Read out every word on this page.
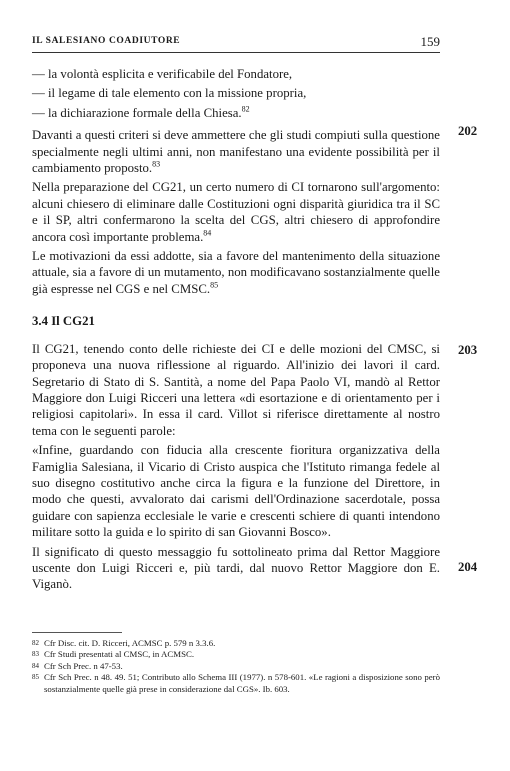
IL SALESIANO COADIUTORE	159
202
203
204

— la volontà esplicita e verificabile del Fondatore,

— il legame di tale elemento con la missione propria,

— la dichiarazione formale della Chiesa.$^{82}$

Davanti a questi criteri si deve ammettere che gli studi compiuti sulla questione specialmente negli ultimi anni, non manifestano una evidente possibilità per il cambiamento proposto.$^{83}$

Nella preparazione del CG21, un certo numero di CI tornarono sull'argomento: alcuni chiesero di eliminare dalle Costituzioni ogni disparità giuridica tra il SC e il SP, altri confermarono la scelta del CGS, altri chiesero di approfondire ancora così importante problema.$^{84}$

Le motivazioni da essi addotte, sia a favore del mantenimento della situazione attuale, sia a favore di un mutamento, non modificavano sostanzialmente quelle già espresse nel CGS e nel CMSC.$^{85}$

3.4 Il CG21

Il CG21, tenendo conto delle richieste dei CI e delle mozioni del CMSC, si proponeva una nuova riflessione al riguardo. All'inizio dei lavori il card. Segretario di Stato di S. Santità, a nome del Papa Paolo VI, mandò al Rettor Maggiore don Luigi Ricceri una lettera «di esortazione e di orientamento per i religiosi capitolari». In essa il card. Villot si riferisce direttamente al nostro tema con le seguenti parole:

«Infine, guardando con fiducia alla crescente fioritura organizzativa della Famiglia Salesiana, il Vicario di Cristo auspica che l'Istituto rimanga fedele al suo disegno costitutivo anche circa la figura e la funzione del Direttore, in modo che questi, avvalorato dai carismi dell'Ordinazione sacerdotale, possa guidare con sapienza ecclesiale le varie e crescenti schiere di quanti intendono militare sotto la guida e lo spirito di san Giovanni Bosco».

Il significato di questo messaggio fu sottolineato prima dal Rettor Maggiore uscente don Luigi Ricceri e, più tardi, dal nuovo Rettor Maggiore don E. Viganò.

82 Cfr Disc. cit. D. Ricceri, ACMSC p. 579 n 3.3.6.
83 Cfr Studi presentati al CMSC, in ACMSC.
84 Cfr Sch Prec. n 47-53.
85 Cfr Sch Prec. n 48. 49. 51; Contributo allo Schema III (1977). n 578-601. «Le ragioni a disposizione sono però sostanzialmente quelle già prese in considerazione dal CGS». Ib. 603.
